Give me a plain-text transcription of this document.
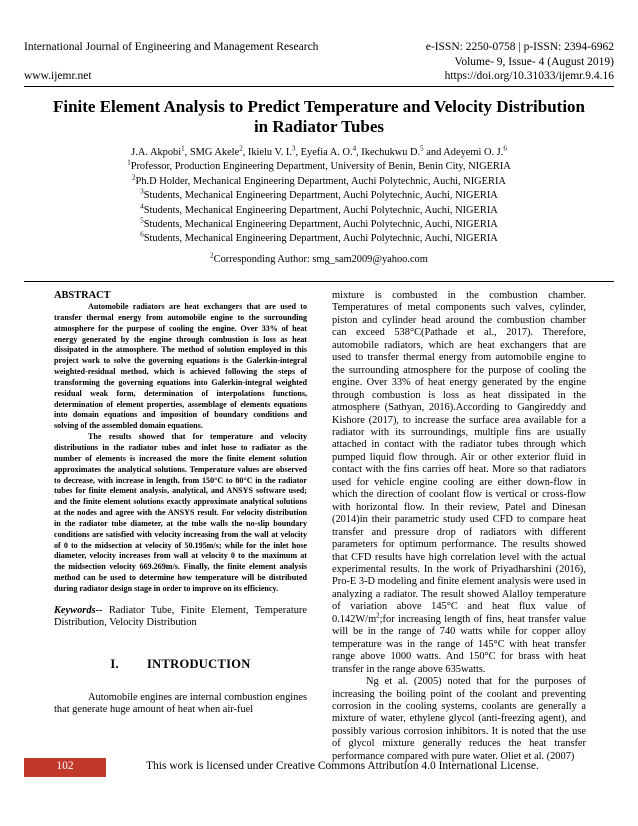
International Journal of Engineering and Management Research	e-ISSN: 2250-0758 | p-ISSN: 2394-6962
Volume- 9, Issue- 4 (August 2019)
www.ijemr.net	https://doi.org/10.31033/ijemr.9.4.16
Finite Element Analysis to Predict Temperature and Velocity Distribution
in Radiator Tubes
J.A. Akpobi$^1$, SMG Akele$^2$, Ikielu V. I.$^3$, Eyefia A. O.$^4$, Ikechukwu D.$^5$ and Adeyemi O. J.$^6$
$^1$Professor, Production Engineering Department, University of Benin, Benin City, NIGERIA
$^2$Ph.D Holder, Mechanical Engineering Department, Auchi Polytechnic, Auchi, NIGERIA
$^3$Students, Mechanical Engineering Department, Auchi Polytechnic, Auchi, NIGERIA
$^4$Students, Mechanical Engineering Department, Auchi Polytechnic, Auchi, NIGERIA
$^5$Students, Mechanical Engineering Department, Auchi Polytechnic, Auchi, NIGERIA
$^6$Students, Mechanical Engineering Department, Auchi Polytechnic, Auchi, NIGERIA
$^2$Corresponding Author: smg_sam2009@yahoo.com
ABSTRACT

Automobile radiators are heat exchangers that are used to transfer thermal energy from automobile engine to the surrounding atmosphere for the purpose of cooling the engine. Over 33% of heat energy generated by the engine through combustion is loss as heat dissipated in the atmosphere. The method of solution employed in this project work to solve the governing equations is the Galerkin-integral weighted-residual method, which is achieved following the steps of transforming the governing equations into Galerkin-integral weighted residual weak form, determination of interpolations functions, determination of element properties, assemblage of elements equations into domain equations and imposition of boundary conditions and solving of the assembled domain equations.

The results showed that for temperature and velocity distributions in the radiator tubes and inlet hose to radiator as the number of elements is increased the more the finite element solution approximates the analytical solutions. Temperature values are observed to decrease, with increase in length, from 150°C to 80°C in the radiator tubes for finite element analysis, analytical, and ANSYS software used; and the finite element solutions exactly approximate analytical solutions at the nodes and agree with the ANSYS result. For velocity distribution in the radiator tube diameter, at the tube walls the no-slip boundary conditions are satisfied with velocity increasing from the wall at velocity of 0 to the midsection at velocity of 50.195m/s; while for the inlet hose diameter, velocity increases from wall at velocity 0 to the maximum at the midsection velocity 669.269m/s. Finally, the finite element analysis method can be used to determine how temperature will be distributed during radiator design stage in order to improve on its efficiency.

Keywords-- Radiator Tube, Finite Element, Temperature Distribution, Velocity Distribution
I. INTRODUCTION

Automobile engines are internal combustion engines that generate huge amount of heat when air-fuel

mixture is combusted in the combustion chamber. Temperatures of metal components such valves, cylinder, piston and cylinder head around the combustion chamber can exceed 538°C(Pathade et al., 2017). Therefore, automobile radiators, which are heat exchangers that are used to transfer thermal energy from automobile engine to the surrounding atmosphere for the purpose of cooling the engine. Over 33% of heat energy generated by the engine through combustion is loss as heat dissipated in the atmosphere (Sathyan, 2016).According to Gangireddy and Kishore (2017), to increase the surface area available for a radiator with its surroundings, multiple fins are usually attached in contact with the radiator tubes through which pumped liquid flow through. Air or other exterior fluid in contact with the fins carries off heat. More so that radiators used for vehicle engine cooling are either down-flow in which the direction of coolant flow is vertical or cross-flow with horizontal flow. In their review, Patel and Dinesan (2014)in their parametric study used CFD to compare heat transfer and pressure drop of radiators with different parameters for optimum performance. The results showed that CFD results have high correlation level with the actual experimental results. In the work of Priyadharshini (2016), Pro-E 3-D modeling and finite element analysis were used in analyzing a radiator. The result showed Alalloy temperature of variation above 145°C and heat flux value of $0.142W/m^2;for$ increasing length of fins, heat transfer value will be in the range of 740 watts while for copper alloy temperature was in the range of 145°C with heat transfer range above 1000 watts. And 150°C for brass with heat transfer in the range above 635watts.

Ng et al. (2005) noted that for the purposes of increasing the boiling point of the coolant and preventing corrosion in the cooling systems, coolants are generally a mixture of water, ethylene glycol (anti-freezing agent), and possibly various corrosion inhibitors. It is noted that the use of glycol mixture generally reduces the heat transfer performance compared with pure water. Oliet et al. (2007)

102	This work is licensed under Creative Commons Attribution 4.0 International License.
